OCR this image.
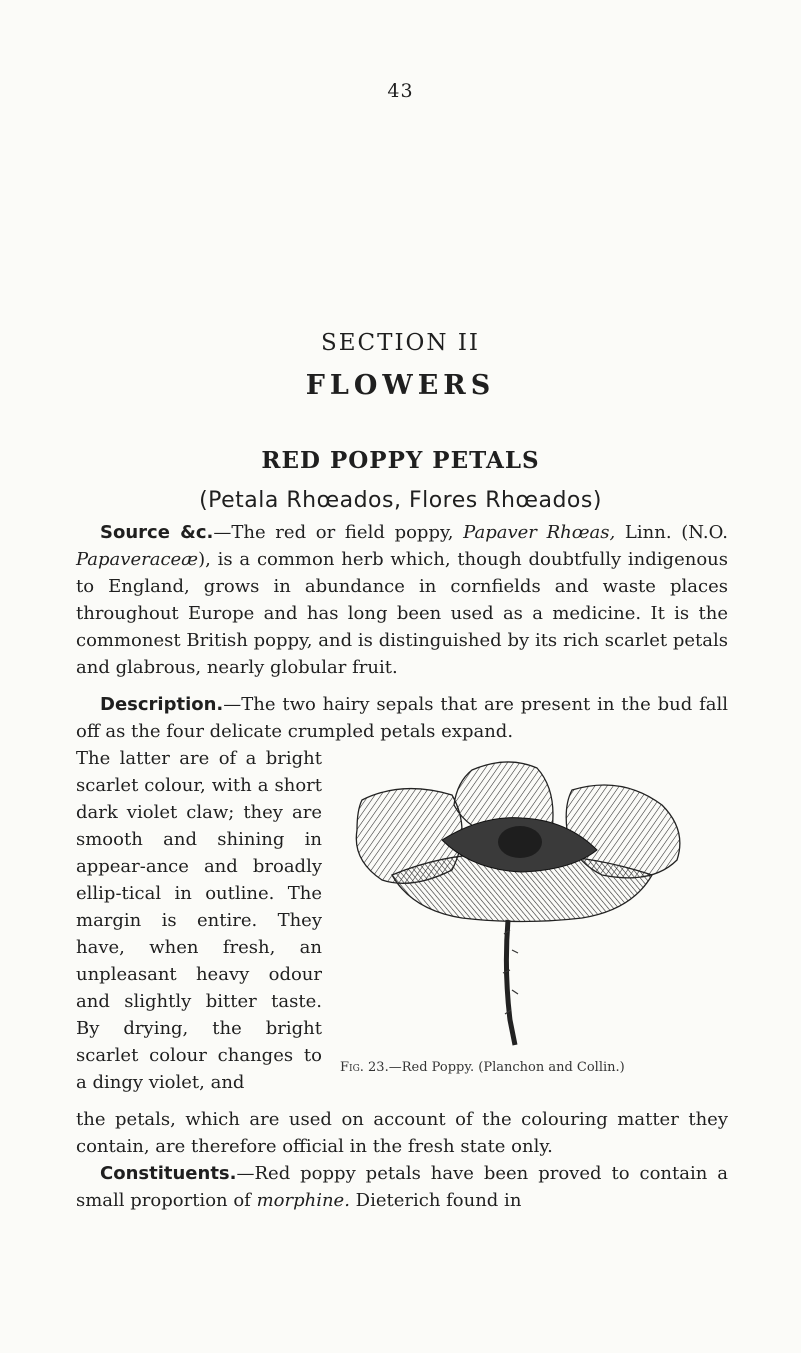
43
SECTION II
FLOWERS
RED POPPY PETALS
(Petala Rhœados, Flores Rhœados)
Source &c.—The red or field poppy, Papaver Rhœas, Linn. (N.O. Papaveraceæ), is a common herb which, though doubtfully indigenous to England, grows in abundance in cornfields and waste places throughout Europe and has long been used as a medicine. It is the commonest British poppy, and is distinguished by its rich scarlet petals and glabrous, nearly globular fruit.
Description.—The two hairy sepals that are present in the bud fall off as the four delicate crumpled petals expand.
The latter are of a bright scarlet colour, with a short dark violet claw; they are smooth and shining in appear-ance and broadly ellip-tical in outline. The margin is entire. They have, when fresh, an unpleasant heavy odour and slightly bitter taste. By drying, the bright scarlet colour changes to a dingy violet, and
Fig. 23.—Red Poppy. (Planchon and Collin.)
the petals, which are used on account of the colouring matter they contain, are therefore official in the fresh state only.
Constituents.—Red poppy petals have been proved to contain a small proportion of morphine. Dieterich found in
